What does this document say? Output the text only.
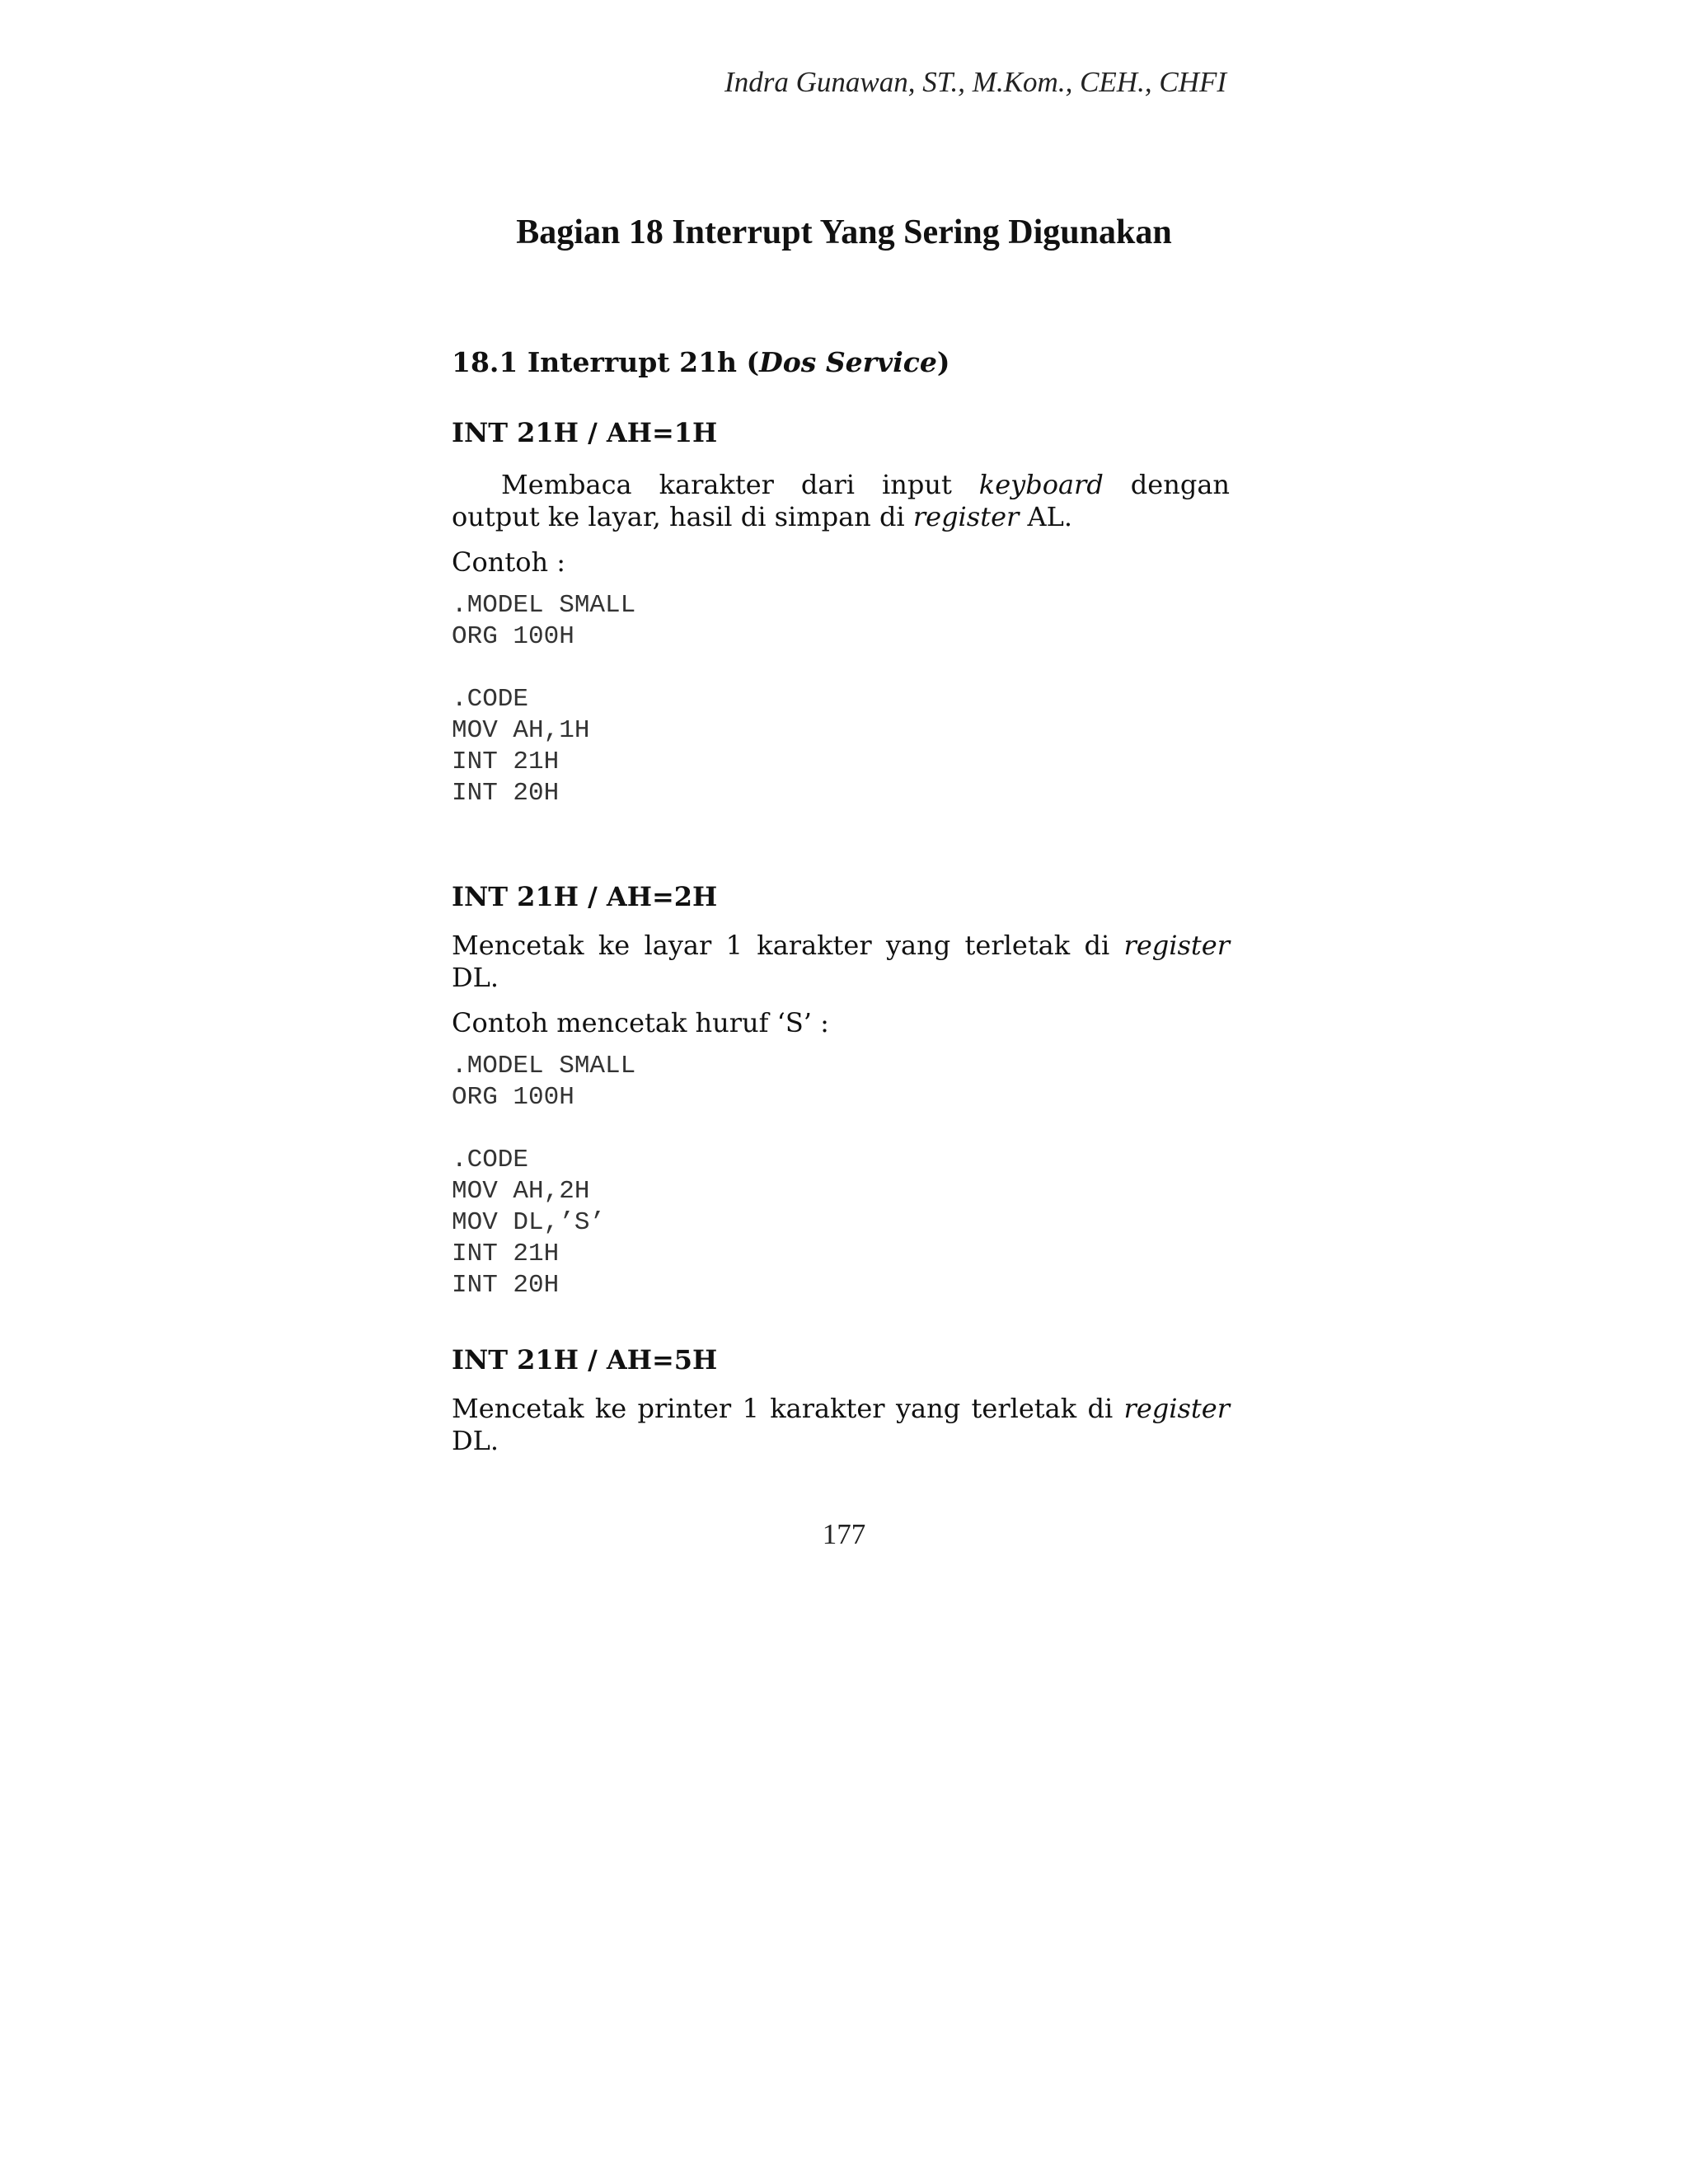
Indra Gunawan, ST., M.Kom., CEH., CHFI
Bagian 18 Interrupt Yang Sering Digunakan

18.1 Interrupt 21h (Dos Service)

INT 21H / AH=1H

Membaca karakter dari input keyboard dengan output ke layar, hasil di simpan di register AL.

Contoh :

.MODEL SMALL
ORG 100H

.CODE
MOV AH,1H
INT 21H
INT 20H

INT 21H / AH=2H

Mencetak ke layar 1 karakter yang terletak di register DL.

Contoh mencetak huruf ‘S’ :

.MODEL SMALL
ORG 100H

.CODE
MOV AH,2H
MOV DL,’S’
INT 21H
INT 20H

INT 21H / AH=5H

Mencetak ke printer 1 karakter yang terletak di register DL.

177
